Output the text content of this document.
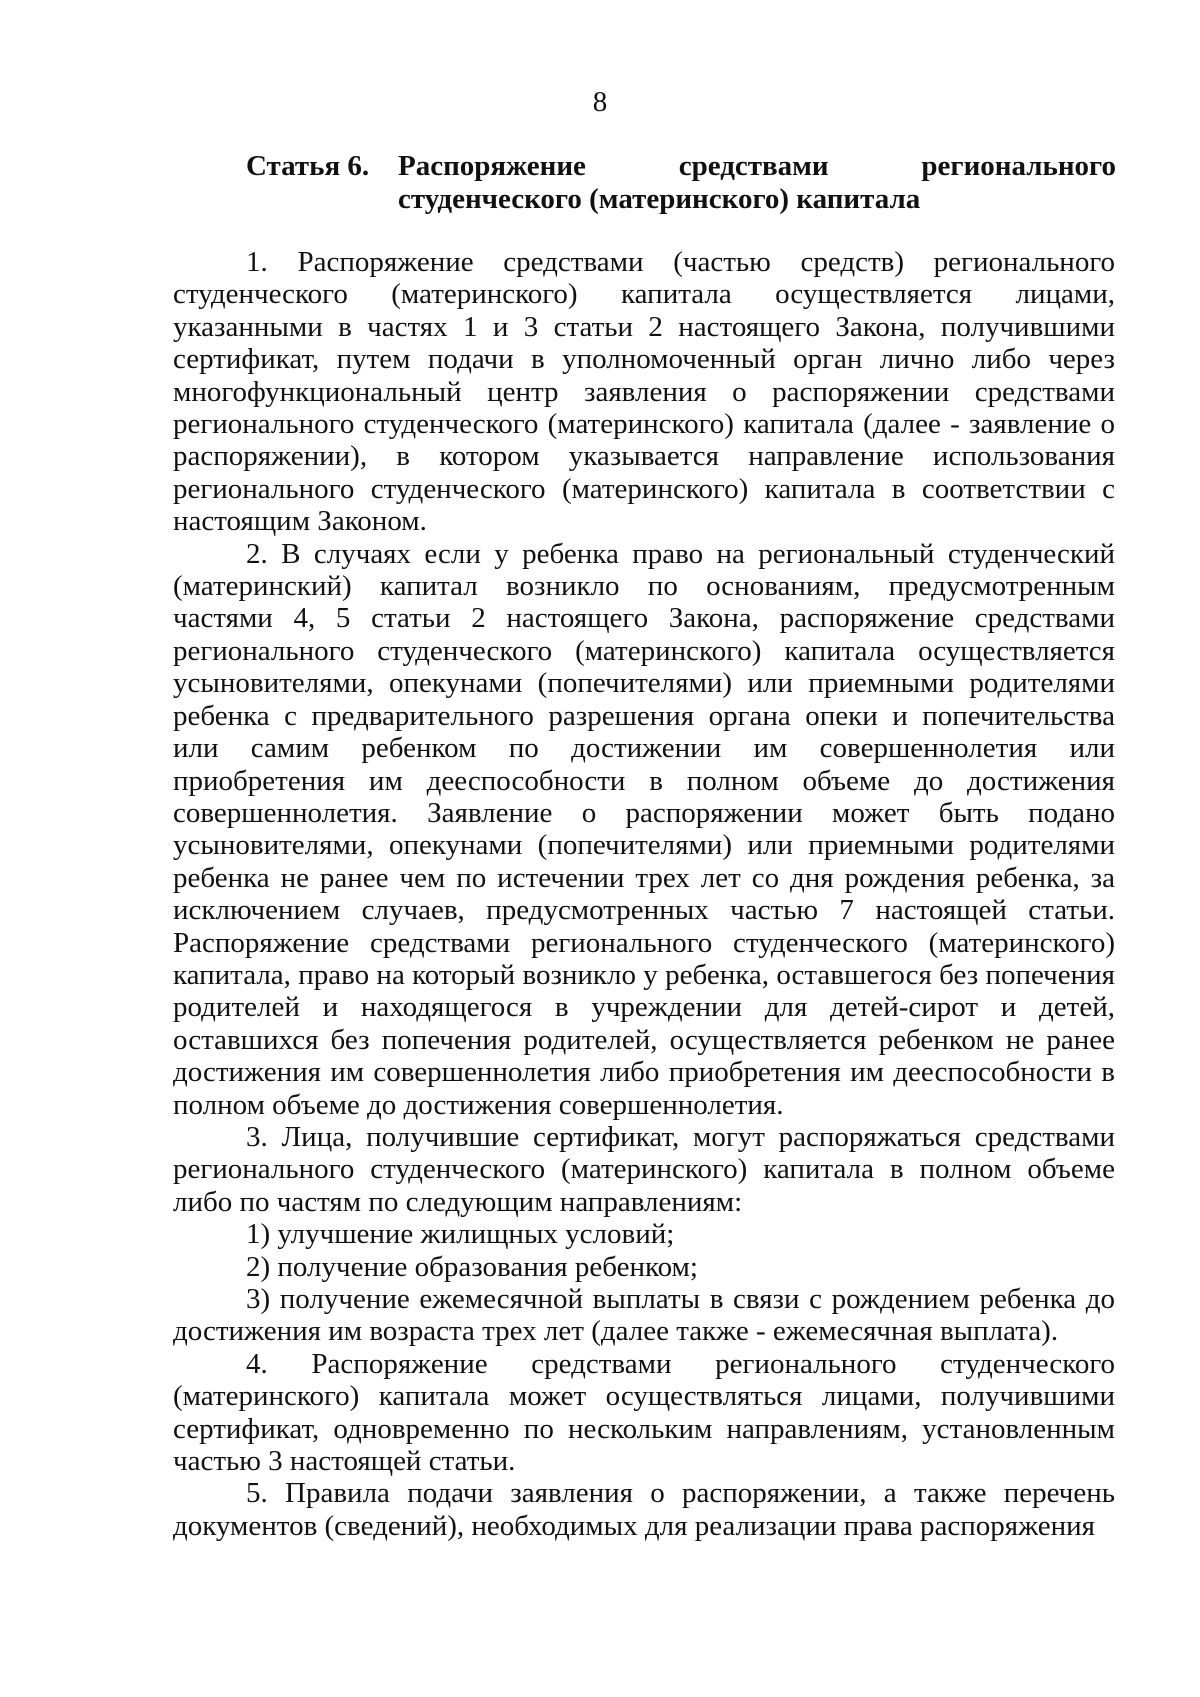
8
Статья 6. Распоряжение средствами регионального студенческого (материнского) капитала

1. Распоряжение средствами (частью средств) регионального студенческого (материнского) капитала осуществляется лицами, указанными в частях 1 и 3 статьи 2 настоящего Закона, получившими сертификат, путем подачи в уполномоченный орган лично либо через многофункциональный центр заявления о распоряжении средствами регионального студенческого (материнского) капитала (далее - заявление о распоряжении), в котором указывается направление использования регионального студенческого (материнского) капитала в соответствии с настоящим Законом.

2. В случаях если у ребенка право на региональный студенческий (материнский) капитал возникло по основаниям, предусмотренным частями 4, 5 статьи 2 настоящего Закона, распоряжение средствами регионального студенческого (материнского) капитала осуществляется усыновителями, опекунами (попечителями) или приемными родителями ребенка с предварительного разрешения органа опеки и попечительства или самим ребенком по достижении им совершеннолетия или приобретения им дееспособности в полном объеме до достижения совершеннолетия. Заявление о распоряжении может быть подано усыновителями, опекунами (попечителями) или приемными родителями ребенка не ранее чем по истечении трех лет со дня рождения ребенка, за исключением случаев, предусмотренных частью 7 настоящей статьи. Распоряжение средствами регионального студенческого (материнского) капитала, право на который возникло у ребенка, оставшегося без попечения родителей и находящегося в учреждении для детей-сирот и детей, оставшихся без попечения родителей, осуществляется ребенком не ранее достижения им совершеннолетия либо приобретения им дееспособности в полном объеме до достижения совершеннолетия.

3. Лица, получившие сертификат, могут распоряжаться средствами регионального студенческого (материнского) капитала в полном объеме либо по частям по следующим направлениям:

1) улучшение жилищных условий;

2) получение образования ребенком;

3) получение ежемесячной выплаты в связи с рождением ребенка до достижения им возраста трех лет (далее также - ежемесячная выплата).

4. Распоряжение средствами регионального студенческого (материнского) капитала может осуществляться лицами, получившими сертификат, одновременно по нескольким направлениям, установленным частью 3 настоящей статьи.

5. Правила подачи заявления о распоряжении, а также перечень документов (сведений), необходимых для реализации права распоряжения
